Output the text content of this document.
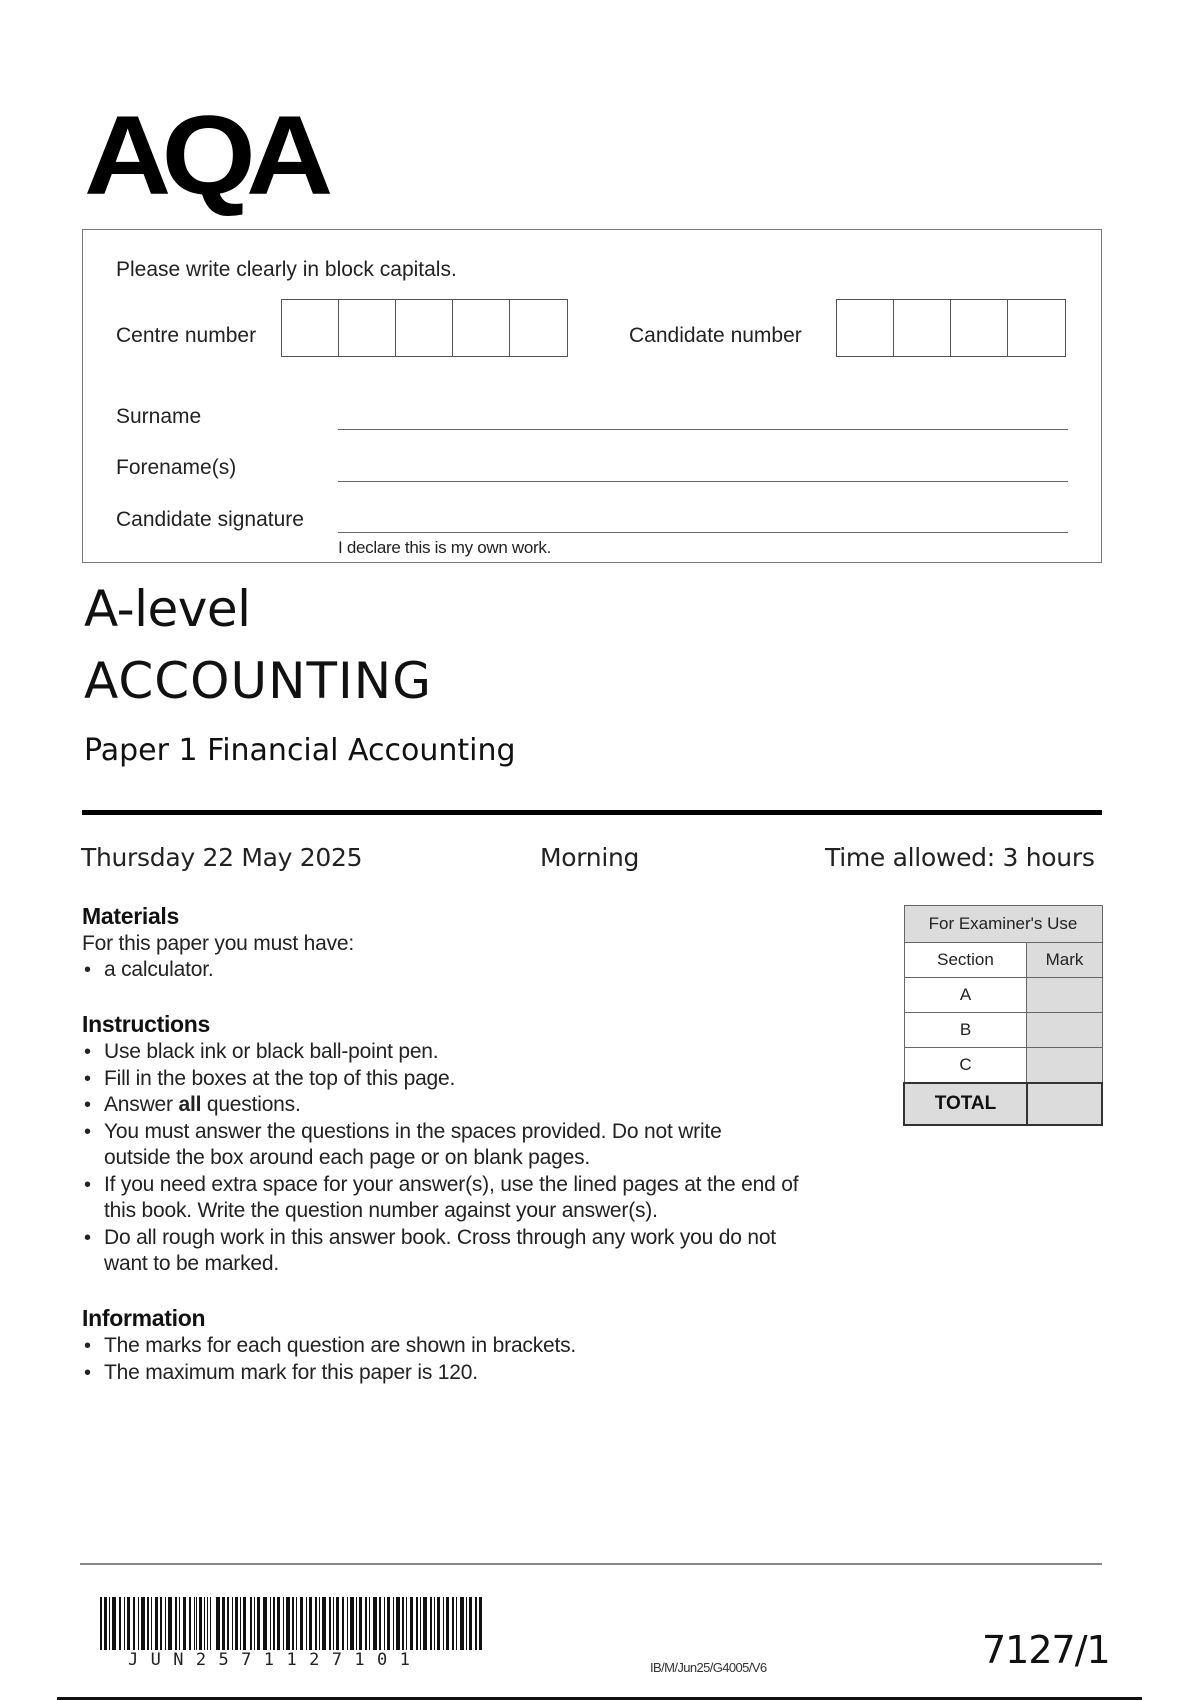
AQA
Please write clearly in block capitals.
Centre number	Candidate number
Surname
Forename(s)
Candidate signature
I declare this is my own work.
A-level
ACCOUNTING
Paper 1 Financial Accounting
Thursday 22 May 2025	Morning	Time allowed: 3 hours
Materials
For this paper you must have:
• a calculator.
Instructions
• Use black ink or black ball-point pen.
• Fill in the boxes at the top of this page.
• Answer all questions.
• You must answer the questions in the spaces provided. Do not write outside the box around each page or on blank pages.
• If you need extra space for your answer(s), use the lined pages at the end of this book. Write the question number against your answer(s).
• Do all rough work in this answer book. Cross through any work you do not want to be marked.
Information
• The marks for each question are shown in brackets.
• The maximum mark for this paper is 120.
For Examiner's Use	
Section	Mark
A	
B	
C	
TOTAL	
JUN2571127101	IB/M/Jun25/G4005/V6	7127/1
